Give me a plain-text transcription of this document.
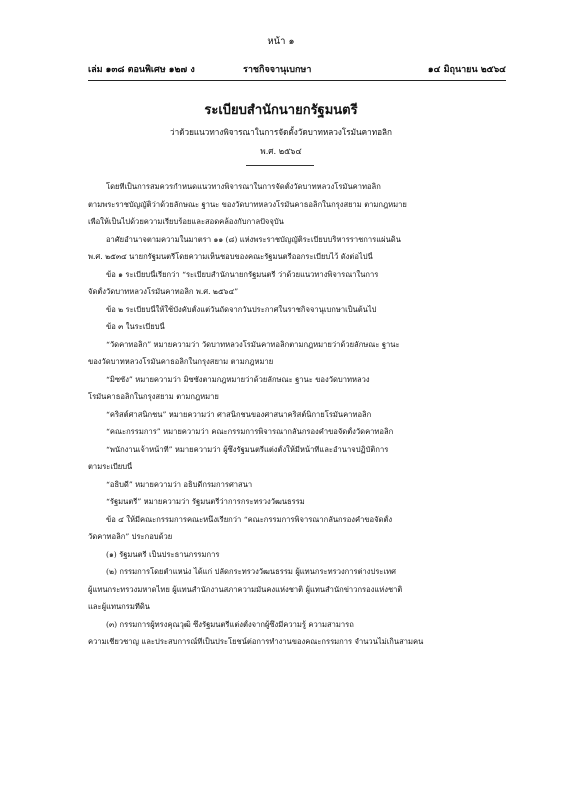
หน้า ๑
เล่ม ๑๓๘ ตอนพิเศษ ๑๒๗ ง	ราชกิจจานุเบกษา	๑๔ มิถุนายน ๒๕๖๔
ระเบียบสำนักนายกรัฐมนตรี
ว่าด้วยแนวทางพิจารณาในการจัดตั้งวัดบาทหลวงโรมันคาทอลิก
พ.ศ. ๒๕๖๔
โดยที่เป็นการสมควรกำหนดแนวทางพิจารณาในการจัดตั้งวัดบาทหลวงโรมันคาทอลิก
ตามพระราชบัญญัติว่าด้วยลักษณะ ฐานะ ของวัดบาทหลวงโรมันคาธอลิกในกรุงสยาม ตามกฎหมาย
เพื่อให้เป็นไปด้วยความเรียบร้อยและสอดคล้องกับกาลปัจจุบัน
อาศัยอำนาจตามความในมาตรา ๑๑ (๘) แห่งพระราชบัญญัติระเบียบบริหารราชการแผ่นดิน
พ.ศ. ๒๕๓๔ นายกรัฐมนตรีโดยความเห็นชอบของคณะรัฐมนตรีออกระเบียบไว้ ดังต่อไปนี้
ข้อ ๑ ระเบียบนี้เรียกว่า “ระเบียบสำนักนายกรัฐมนตรี ว่าด้วยแนวทางพิจารณาในการ
จัดตั้งวัดบาทหลวงโรมันคาทอลิก พ.ศ. ๒๕๖๔”
ข้อ ๒ ระเบียบนี้ให้ใช้บังคับตั้งแต่วันถัดจากวันประกาศในราชกิจจานุเบกษาเป็นต้นไป
ข้อ ๓ ในระเบียบนี้
“วัดคาทอลิก” หมายความว่า วัดบาทหลวงโรมันคาทอลิกตามกฎหมายว่าด้วยลักษณะ ฐานะ
ของวัดบาทหลวงโรมันคาธอลิกในกรุงสยาม ตามกฎหมาย
“มิซซัง” หมายความว่า มิซซังตามกฎหมายว่าด้วยลักษณะ ฐานะ ของวัดบาทหลวง
โรมันคาธอลิกในกรุงสยาม ตามกฎหมาย
“คริสต์ศาสนิกชน” หมายความว่า ศาสนิกชนของศาสนาคริสต์นิกายโรมันคาทอลิก
“คณะกรรมการ” หมายความว่า คณะกรรมการพิจารณากลั่นกรองคำขอจัดตั้งวัดคาทอลิก
“พนักงานเจ้าหน้าที่” หมายความว่า ผู้ซึ่งรัฐมนตรีแต่งตั้งให้มีหน้าที่และอำนาจปฏิบัติการ
ตามระเบียบนี้
“อธิบดี” หมายความว่า อธิบดีกรมการศาสนา
“รัฐมนตรี” หมายความว่า รัฐมนตรีว่าการกระทรวงวัฒนธรรม
ข้อ ๔ ให้มีคณะกรรมการคณะหนึ่งเรียกว่า “คณะกรรมการพิจารณากลั่นกรองคำขอจัดตั้ง
วัดคาทอลิก” ประกอบด้วย
(๑) รัฐมนตรี เป็นประธานกรรมการ
(๒) กรรมการโดยตำแหน่ง ได้แก่ ปลัดกระทรวงวัฒนธรรม ผู้แทนกระทรวงการต่างประเทศ
ผู้แทนกระทรวงมหาดไทย ผู้แทนสำนักงานสภาความมั่นคงแห่งชาติ ผู้แทนสำนักข่าวกรองแห่งชาติ
และผู้แทนกรมที่ดิน
(๓) กรรมการผู้ทรงคุณวุฒิ ซึ่งรัฐมนตรีแต่งตั้งจากผู้ซึ่งมีความรู้ ความสามารถ
ความเชี่ยวชาญ และประสบการณ์ที่เป็นประโยชน์ต่อการทำงานของคณะกรรมการ จำนวนไม่เกินสามคน
